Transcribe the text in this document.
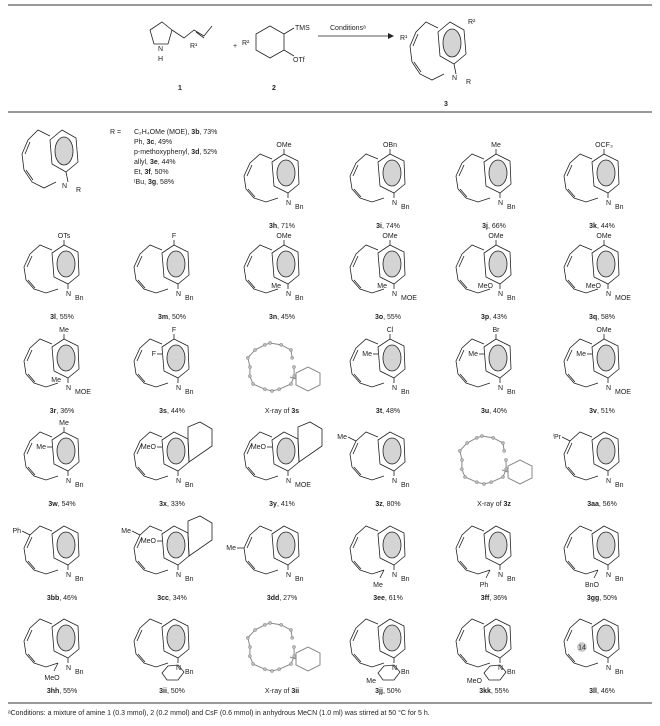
N
H
R¹
1
+
TMS
OTf
R²
2
Conditionsᵃ
R¹
R²
N
R
3
N
R
R = C₂H₄OMe (MOE), 3b, 73%
Ph, 3c, 49%
p-methoxyphenyl, 3d, 52%
allyl, 3e, 44%
Et, 3f, 50%
ᵗBu, 3g, 58%
OMe
N
Bn
3h, 71%
OBn
N
Bn
3i, 74%
Me
N
Bn
3j, 66%
OCF₃
N
Bn
3k, 44%
OTs
N
Bn
3l, 55%
F
N
Bn
3m, 50%
OMe
Me
N
Bn
3n, 45%
OMe
Me
N
MOE
3o, 55%
OMe
MeO
N
Bn
3p, 43%
OMe
MeO
N
MOE
3q, 58%
Me
Me
N
MOE
3r, 36%
F
F
N
Bn
3s, 44%	X-ray of 3s
Cl
Me
N
Bn
3t, 48%
Br
Me
N
Bn
3u, 40%
OMe
Me
N
MOE
3v, 51%
Me
Me
N
Bn
3w, 54%
MeO
N
Bn
3x, 33%
MeO
N
MOE
3y, 41%
Me
N
Bn
3z, 80%	X-ray of 3z
ⁱPr
N
Bn
3aa, 56%
Ph
N
Bn
3bb, 46%
MeO
Me
N
Bn
3cc, 34%
Me
N
Bn
3dd, 27%
Me
N
Bn
3ee, 61%
Ph
N
Bn
3ff, 36%
BnO
N
Bn
3gg, 50%
MeO
N
Bn
3hh, 55%
N
Bn
3ii, 50%	X-ray of 3ii
Me
N
Bn
3jj, 50%
MeO
N
Bn
3kk, 55%
14
N
Bn
3ll, 46%
ᵃConditions: a mixture of amine 1 (0.3 mmol), 2 (0.2 mmol) and CsF (0.6 mmol) in anhydrous MeCN (1.0 ml) was stirred at 50 °C for 5 h.
